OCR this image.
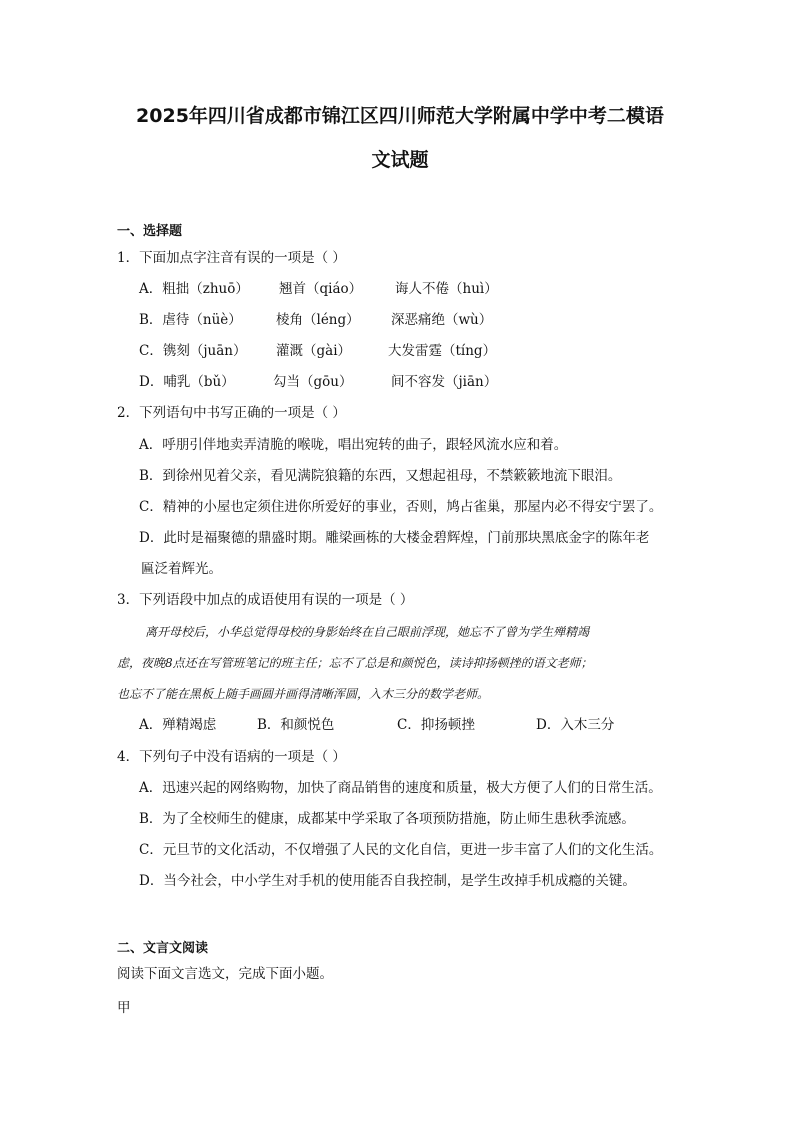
2025年四川省成都市锦江区四川师范大学附属中学中考二模语
文试题
一、选择题
1．下面加点字注音有误的一项是（ ）
A．粗拙（zhuō） 翘首（qiáo） 诲人不倦（huì）
B．虐待（nüè）	棱角（léng） 深恶痛绝（wù）
C．镌刻（juān） 灌溉（gài）	大发雷霆（tíng）
D．哺乳（bǔ）	勾当（gōu）	间不容发（jiān）
2．下列语句中书写正确的一项是（ ）
A．呼朋引伴地卖弄清脆的喉咙，唱出宛转的曲子，跟轻风流水应和着。
B．到徐州见着父亲，看见满院狼籍的东西，又想起祖母，不禁簌簌地流下眼泪。
C．精神的小屋也定须住进你所爱好的事业，否则，鸠占雀巢，那屋内必不得安宁罢了。
D．此时是福聚德的鼎盛时期。雕梁画栋的大楼金碧辉煌，门前那块黑底金字的陈年老
匾泛着辉光。
3．下列语段中加点的成语使用有误的一项是（ ）
离开母校后，小华总觉得母校的身影始终在自己眼前浮现，她忘不了曾为学生殚精竭
虑，夜晚8点还在写管班笔记的班主任；忘不了总是和颜悦色，读诗抑扬顿挫的语文老师；
也忘不了能在黑板上随手画圆并画得清晰浑圆，入木三分的数学老师。
A．殚精竭虑	B．和颜悦色	C．抑扬顿挫	D．入木三分
4．下列句子中没有语病的一项是（ ）
A．迅速兴起的网络购物，加快了商品销售的速度和质量，极大方便了人们的日常生活。
B．为了全校师生的健康，成都某中学采取了各项预防措施，防止师生患秋季流感。
C．元旦节的文化活动，不仅增强了人民的文化自信，更进一步丰富了人们的文化生活。
D．当今社会，中小学生对手机的使用能否自我控制，是学生改掉手机成瘾的关键。
二、文言文阅读
阅读下面文言选文，完成下面小题。
甲
